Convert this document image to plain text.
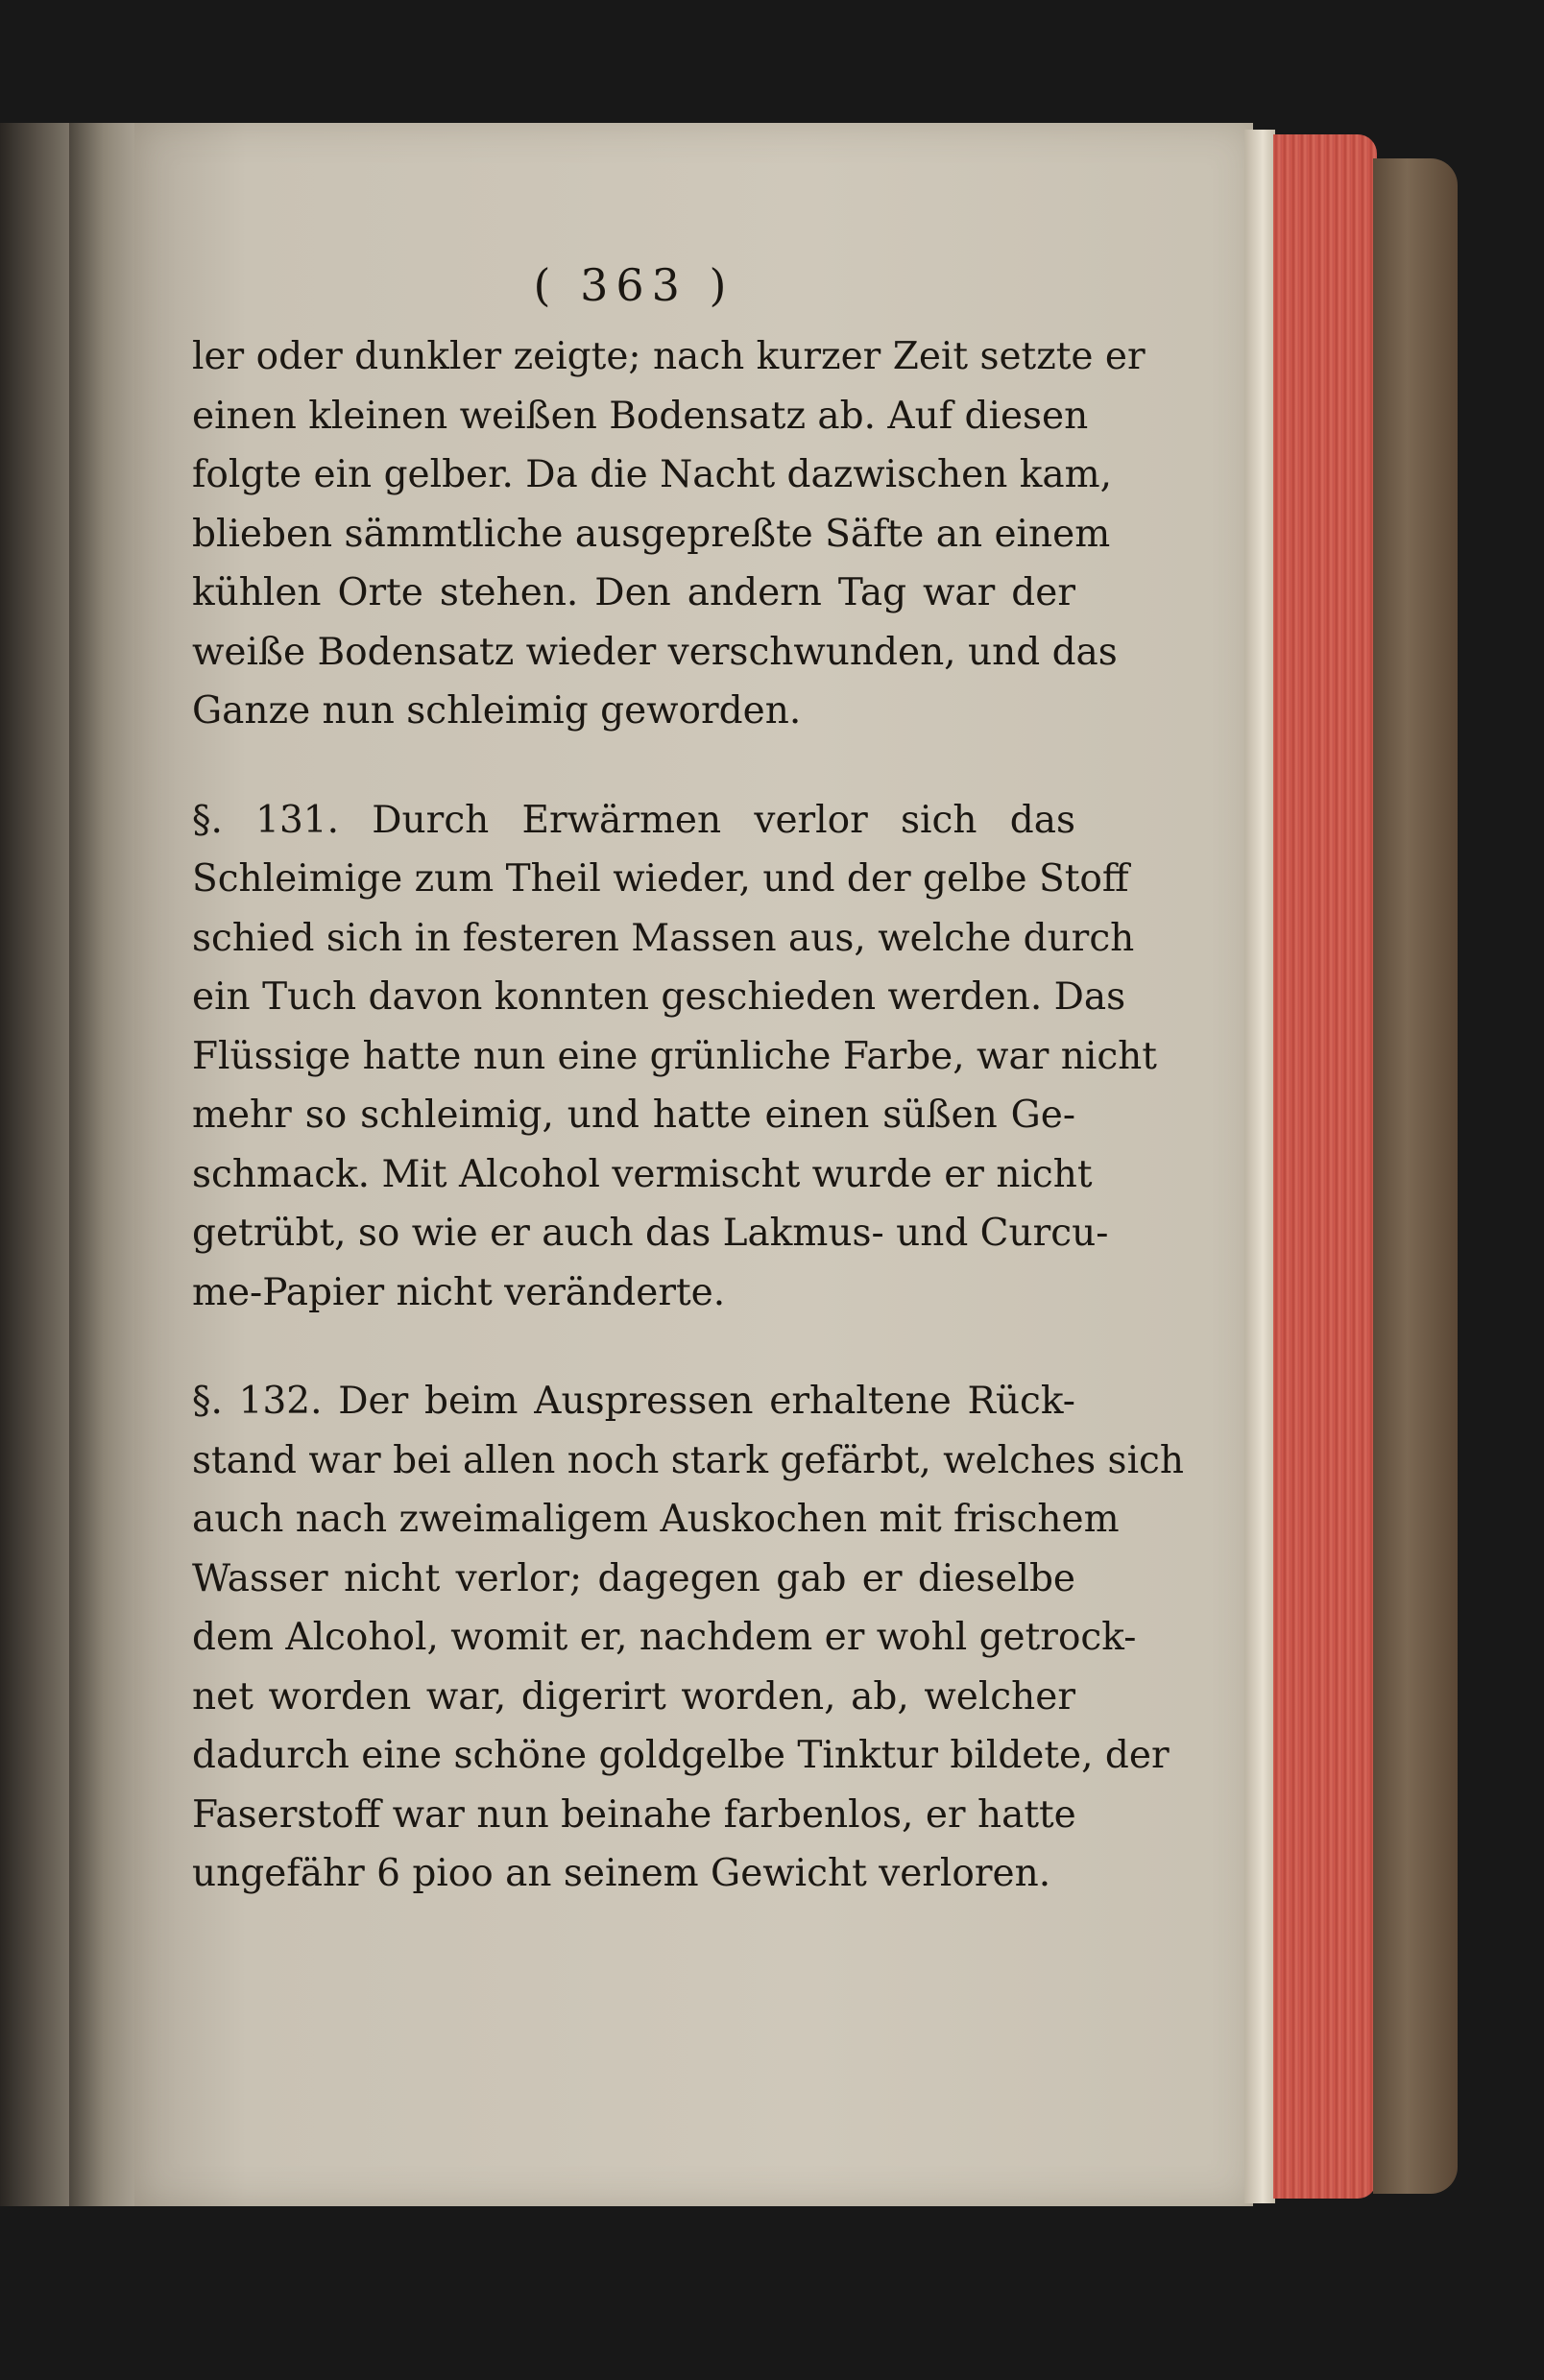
( 363 )
ler oder dunkler zeigte; nach kurzer Zeit setzte er
einen kleinen weißen Bodensatz ab. Auf diesen
folgte ein gelber. Da die Nacht dazwischen kam,
blieben sämmtliche ausgepreßte Säfte an einem
kühlen Orte stehen. Den andern Tag war der
weiße Bodensatz wieder verschwunden, und das
Ganze nun schleimig geworden.
§. 131. Durch Erwärmen verlor sich das
Schleimige zum Theil wieder, und der gelbe Stoff
schied sich in festeren Massen aus, welche durch
ein Tuch davon konnten geschieden werden. Das
Flüssige hatte nun eine grünliche Farbe, war nicht
mehr so schleimig, und hatte einen süßen Ge-
schmack. Mit Alcohol vermischt wurde er nicht
getrübt, so wie er auch das Lakmus- und Curcu-
me-Papier nicht veränderte.
§. 132. Der beim Auspressen erhaltene Rück-
stand war bei allen noch stark gefärbt, welches sich
auch nach zweimaligem Auskochen mit frischem
Wasser nicht verlor; dagegen gab er dieselbe
dem Alcohol, womit er, nachdem er wohl getrock-
net worden war, digerirt worden, ab, welcher
dadurch eine schöne goldgelbe Tinktur bildete, der
Faserstoff war nun beinahe farbenlos, er hatte
ungefähr 6 pioo an seinem Gewicht verloren.
